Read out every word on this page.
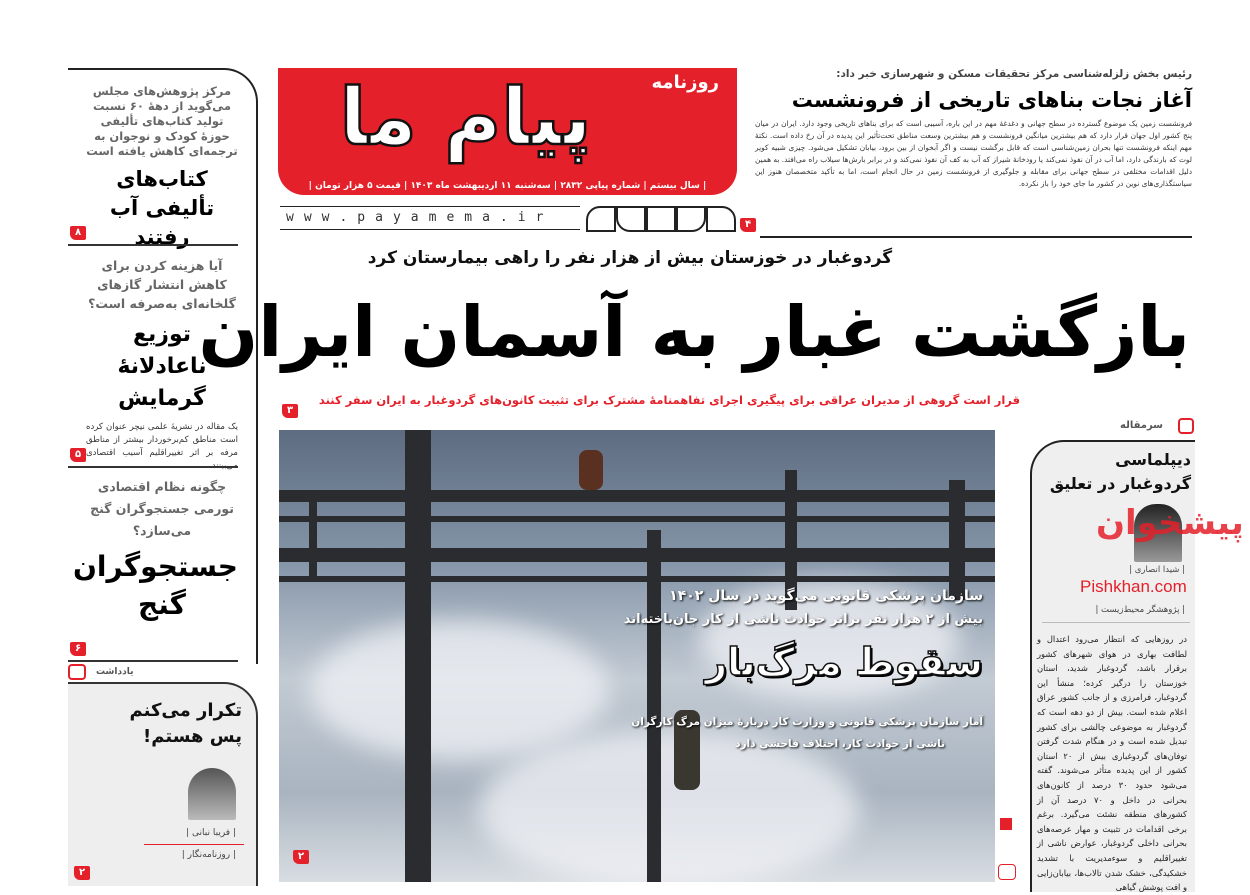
مرکز پژوهش‌های مجلس می‌گوید از دههٔ ۶۰ نسبت تولید کتاب‌های تألیفی حوزهٔ کودک و نوجوان به ترجمه‌ای کاهش یافته است
کتاب‌های تألیفی آب رفتند
۸
آیا هزینه کردن برای کاهش انتشار گازهای گلخانه‌ای به‌صرفه است؟
توزیع ناعادلانهٔ گرمایش
یک مقاله در نشریهٔ علمی نیچر عنوان کرده است مناطق کم‌برخوردار بیشتر از مناطق مرفه بر اثر تغییراقلیم آسیب اقتصادی می‌بینند
۵
چگونه نظام اقتصادی تورمی جستجوگران گنج می‌سازد؟
جستجوگران گنج
۶
یادداشت
تکرار می‌کنم پس هستم!
| فریبا نبانی |
| روزنامه‌نگار |
۲
پیام ما	روزنامه
| سال بیستم | شماره پیاپی ۲۸۳۲ | سه‌شنبه ۱۱ اردیبهشت ماه ۱۴۰۳ | قیمت ۵ هزار تومان |
www.payamema.ir
رئیس بخش زلزله‌شناسی مرکز تحقیقات مسکن و شهرسازی خبر داد:
آغاز نجات بناهای تاریخی از فرونشست
فرونشست زمین یک موضوع گسترده در سطح جهانی و دغدغهٔ مهم در این باره، آسیبی است که برای بناهای تاریخی وجود دارد. ایران در میان پنج کشور اول جهان قرار دارد که هم بیشترین میانگین فرونشست و هم بیشترین وسعت مناطق تحت‌تأثیر این پدیده در آن رخ داده است. نکتهٔ مهم اینکه فرونشست تنها بحران زمین‌شناسی است که قابل برگشت نیست و اگر آبخوان از بین برود، بیابان تشکیل می‌شود. چیزی شبیه کویر لوت که بارندگی دارد، اما آب در آن نفوذ نمی‌کند یا رودخانهٔ شیراز که آب به کف آن نفوذ نمی‌کند و در برابر بارش‌ها سیلاب راه می‌افتد. به همین دلیل اقدامات مختلفی در سطح جهانی برای مقابله و جلوگیری از فرونشست زمین در حال انجام است، اما به تأکید متخصصان هنوز این سیاستگذاری‌های نوین در کشور ما جای خود را باز نکرده.
۴
گردوغبار در خوزستان بیش از هزار نفر را راهی بیمارستان کرد
بازگشت غبار به آسمان ایران
قرار است گروهی از مدیران عراقی برای پیگیری اجرای تفاهمنامهٔ مشترک برای تثبیت کانون‌های گردوغبار به ایران سفر کنند
۳
سازمان پزشکی قانونی می‌گوید در سال ۱۴۰۲
بیش از ۲ هزار نفر براثر حوادث ناشی از کار جان‌باخته‌اند
سقوط مرگ‌بار
آمار سازمان پزشکی قانونی و وزارت کار دربارهٔ میزان مرگ کارگران
ناشی از حوادث کار، اختلاف فاحشی دارد
۲
سرمقاله
دیپلماسی گردوغبار در تعلیق
| شیدا انصاری |
| پژوهشگر محیط‌زیست |
در روزهایی که انتظار می‌رود اعتدال و لطافت بهاری در هوای شهرهای کشور برقرار باشد، گردوغبار شدید، استان خوزستان را درگیر کرده؛ منشأ این گردوغبار، فرامرزی و از جانب کشور عراق اعلام شده است. بیش از دو دهه است که گردوغبار به موضوعی چالشی برای کشور تبدیل شده است و در هنگام شدت گرفتن توفان‌های گردوغباری بیش از ۲۰ استان کشور از این پدیده متأثر می‌شوند. گفته می‌شود حدود ۳۰ درصد از کانون‌های بحرانی در داخل و ۷۰ درصد آن از کشورهای منطقه نشئت می‌گیرد. برغم برخی اقدامات در تثبیت و مهار عرصه‌های بحرانی داخلی گردوغبار، عوارض ناشی از تغییراقلیم و سوءمدیریت با تشدید خشکیدگی، خشک شدن تالاب‌ها، بیابان‌زایی و افت پوشش گیاهی
پیشخوان
Pishkhan.com
